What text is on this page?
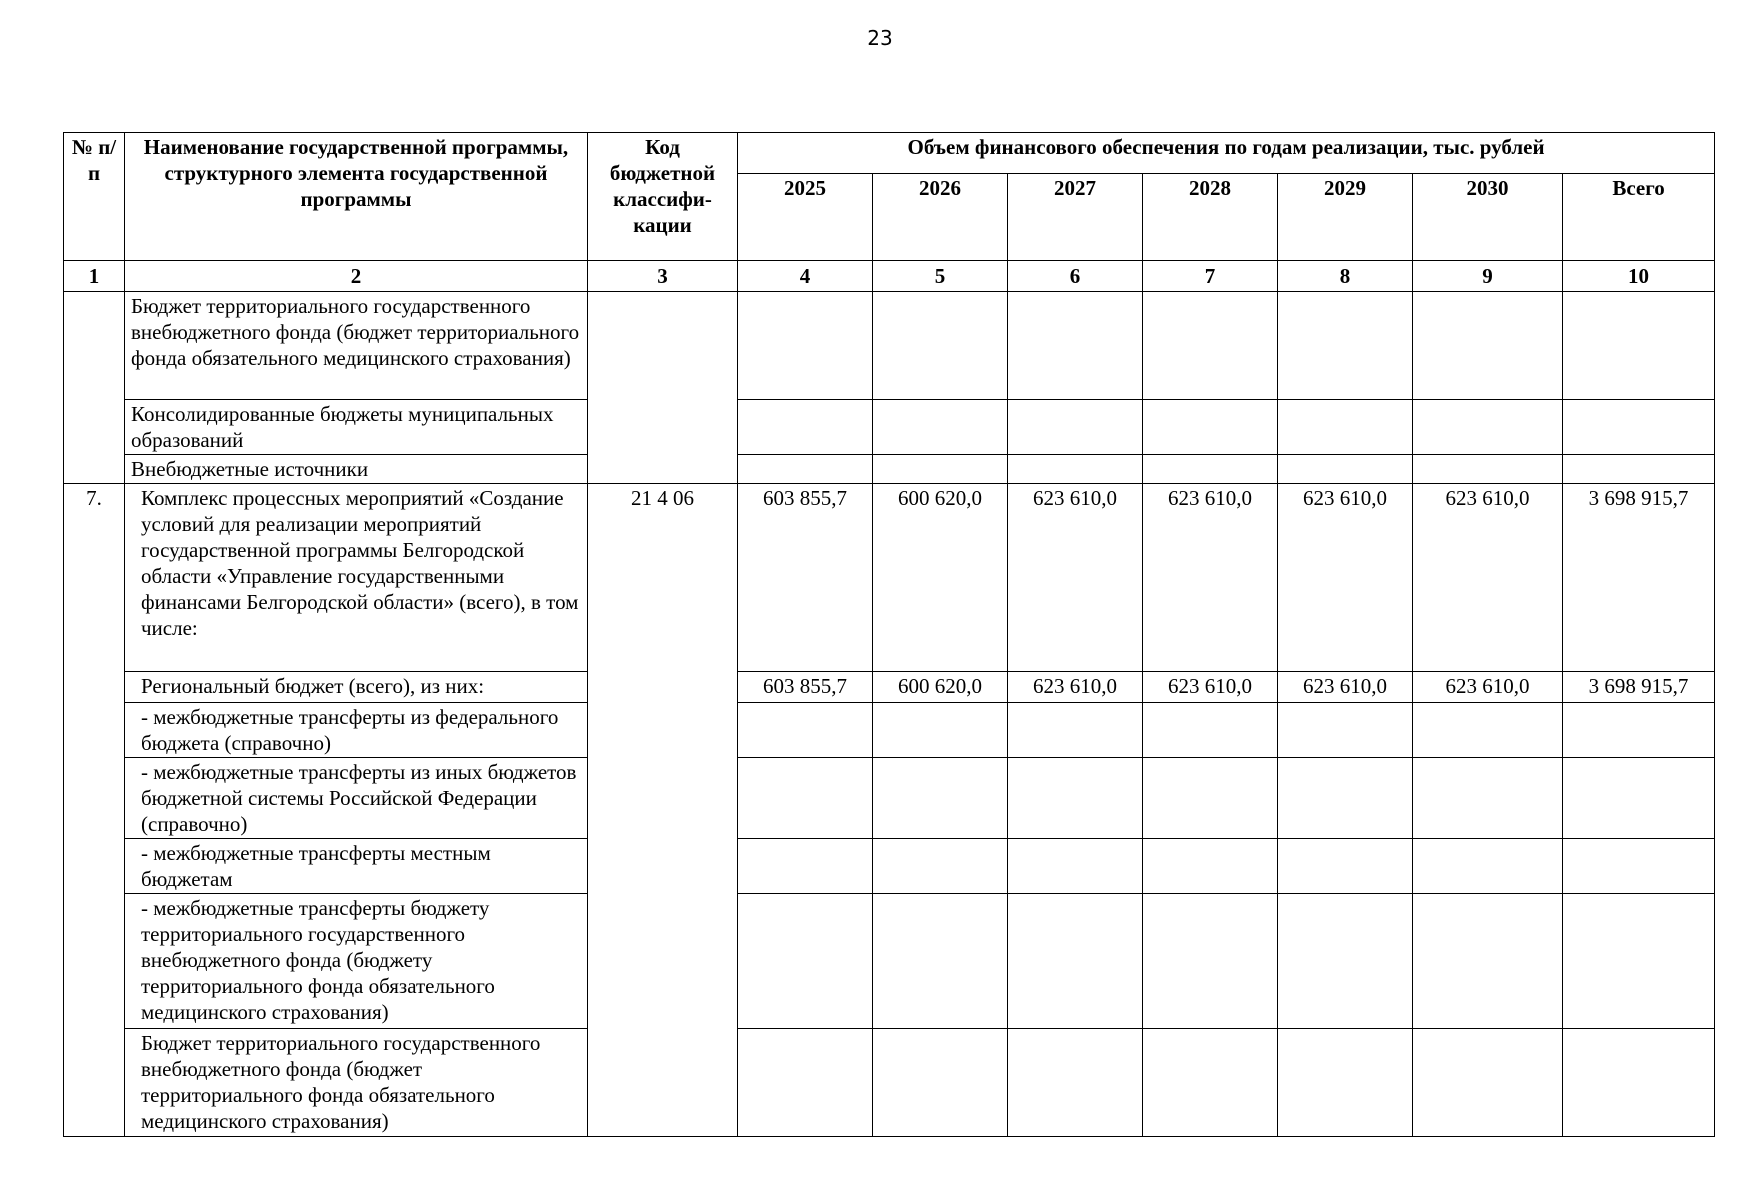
23
№ п/п	Наименование государственной программы, структурного элемента государственной программы	Код бюджетной классифи-кации	Объем финансового обеспечения по годам реализации, тыс. рублей						
			2025	2026	2027	2028	2029	2030	Всего
1	2	3	4	5	6	7	8	9	10
	Бюджет территориального государственного внебюджетного фонда (бюджет территориального фонда обязательного медицинского страхования)								
	Консолидированные бюджеты муниципальных образований								
	Внебюджетные источники								
7.	Комплекс процессных мероприятий «Создание условий для реализации мероприятий государственной программы Белгородской области «Управление государственными финансами Белгородской области» (всего), в том числе:	21 4 06	603 855,7	600 620,0	623 610,0	623 610,0	623 610,0	623 610,0	3 698 915,7
	Региональный бюджет (всего), из них:		603 855,7	600 620,0	623 610,0	623 610,0	623 610,0	623 610,0	3 698 915,7
	- межбюджетные трансферты из федерального бюджета (справочно)								
	- межбюджетные трансферты из иных бюджетов бюджетной системы Российской Федерации (справочно)								
	- межбюджетные трансферты местным бюджетам								
	- межбюджетные трансферты бюджету территориального государственного внебюджетного фонда (бюджету территориального фонда обязательного медицинского страхования)								
	Бюджет территориального государственного внебюджетного фонда (бюджет территориального фонда обязательного медицинского страхования)								
